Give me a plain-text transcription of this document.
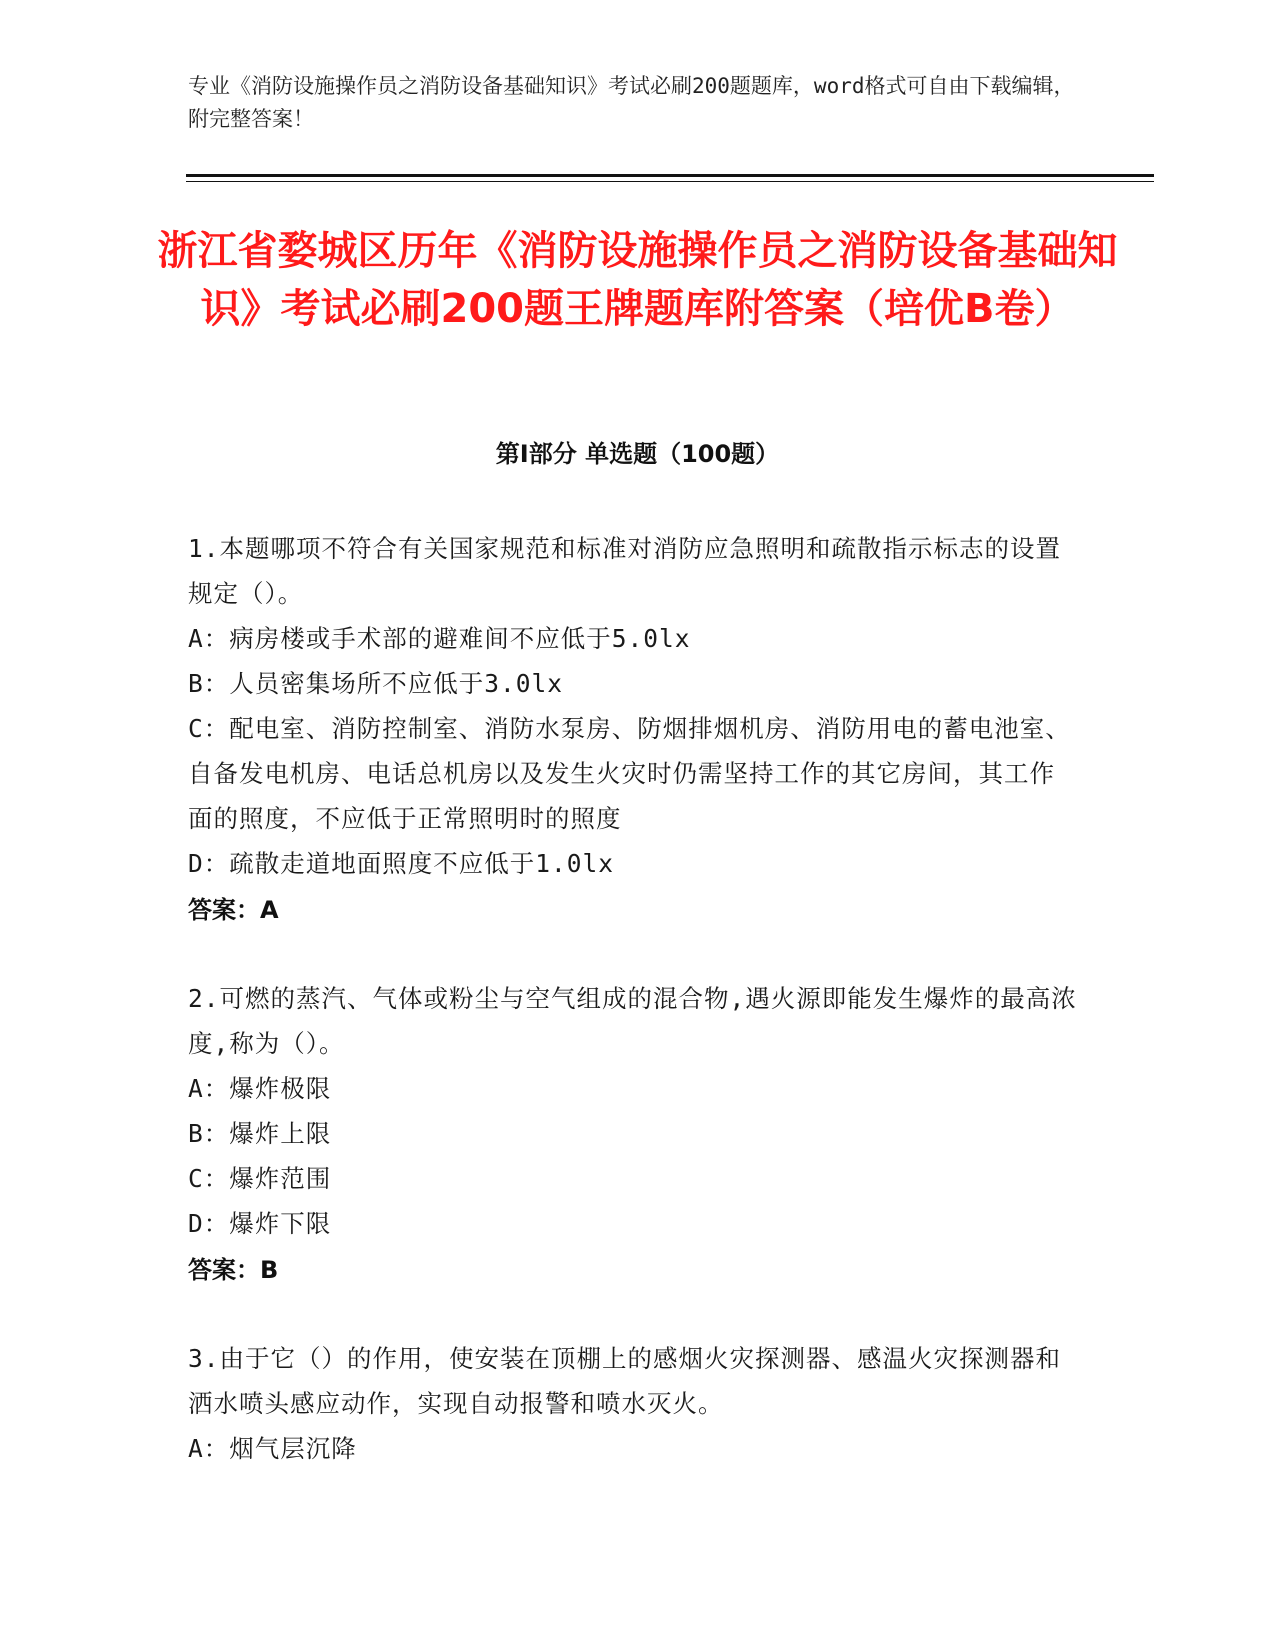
专业《消防设施操作员之消防设备基础知识》考试必刷200题题库，word格式可自由下载编辑，附完整答案！
浙江省婺城区历年《消防设施操作员之消防设备基础知识》考试必刷200题王牌题库附答案（培优B卷）
第I部分 单选题（100题）
1.本题哪项不符合有关国家规范和标准对消防应急照明和疏散指示标志的设置规定（）。
A：病房楼或手术部的避难间不应低于5.0lx
B：人员密集场所不应低于3.0lx
C：配电室、消防控制室、消防水泵房、防烟排烟机房、消防用电的蓄电池室、自备发电机房、电话总机房以及发生火灾时仍需坚持工作的其它房间，其工作面的照度，不应低于正常照明时的照度
D：疏散走道地面照度不应低于1.0lx
答案：A
2.可燃的蒸汽、气体或粉尘与空气组成的混合物,遇火源即能发生爆炸的最高浓度,称为（）。
A：爆炸极限
B：爆炸上限
C：爆炸范围
D：爆炸下限
答案：B
3.由于它（）的作用，使安装在顶棚上的感烟火灾探测器、感温火灾探测器和洒水喷头感应动作，实现自动报警和喷水灭火。
A：烟气层沉降
